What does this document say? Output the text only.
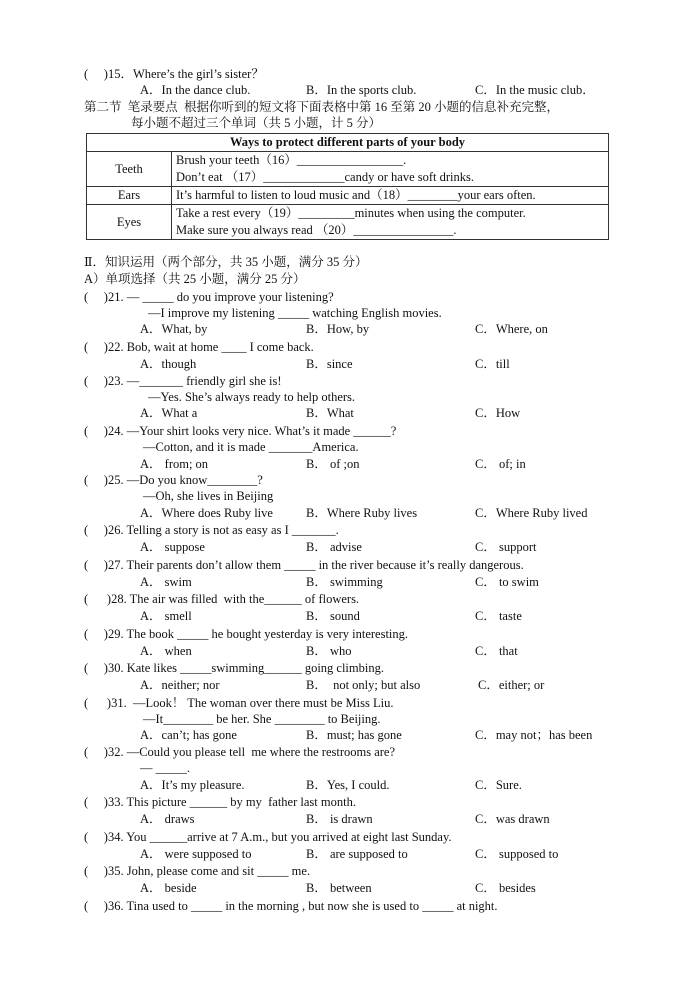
(     )15．Where’s the girl’s sister？
A．In the dance club.	B．In the sports club.	C．In the music club．
(     )21. — _____ do you improve your listening?
—I improve my listening _____ watching English movies.
A．What, by	B．How, by	C．Where, on
(     )22. Bob, wait at home ____ I come back.
A．though	B．since	C．till
(     )23. —_______ friendly girl she is!
—Yes. She’s always ready to help others.
A．What a	B．What	C．How
(     )24. —Your shirt looks very nice. What’s it made ______?
—Cotton, and it is made _______America.
A． from; on	B． of ;on	C． of; in
(     )25. —Do you know________?
—Oh, she lives in Beijing
A．Where does Ruby live	B．Where Ruby lives	C．Where Ruby lived
(     )26. Telling a story is not as easy as I _______.
A． suppose	B． advise	C． support
(     )27. Their parents don’t allow them _____ in the river because it’s really dangerous.
A． swim	B． swimming	C． to swim
(      )28. The air was filled  with the______ of flowers.
A． smell	B． sound	C． taste
(     )29. The book _____ he bought yesterday is very interesting.
A． when	B． who	C． that
(     )30. Kate likes _____swimming______ going climbing.
A．neither; nor	B．  not only; but also	C．either; or
(      )31.  —Look！ The woman over there must be Miss Liu.
—It________ be her. She ________ to Beijing.
A．can’t; has gone	B．must; has gone	C．may not；has been
(     )32. —Could you please tell  me where the restrooms are?
— _____.
A．It’s my pleasure.	B．Yes, I could.	C．Sure.
(     )33. This picture ______ by my  father last month.
A． draws	B． is drawn	C．was drawn
(     )34. You ______arrive at 7 A.m., but you arrived at eight last Sunday.
A． were supposed to	B． are supposed to	C． supposed to
(     )35. John, please come and sit _____ me.
A． beside	B． between	C． besides
(     )36. Tina used to _____ in the morning , but now she is used to _____ at night.
第二节  笔录要点  根据你听到的短文将下面表格中第 16 至第 20 小题的信息补充完整，
每小题不超过三个单词（共 5 小题，计 5 分）
Ways to protect different parts of your body	
Teeth	Brush your teeth（16）_________________.
Don’t eat （17）_____________candy or have soft drinks.

Ears	It’s harmful to listen to loud music and（18）________your ears often.

Eyes	Take a rest every（19）_________minutes when using the computer.
Make sure you always read （20）________________.
Ⅱ．知识运用（两个部分，共 35 小题，满分 35 分）
A）单项选择（共 25 小题，满分 25 分）
